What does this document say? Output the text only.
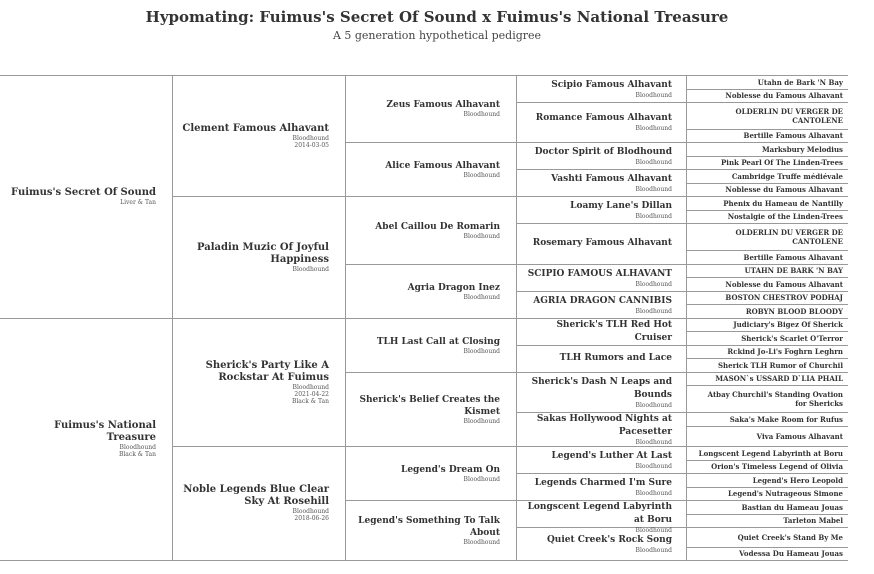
Hypomating: Fuimus's Secret Of Sound x Fuimus's National Treasure
A 5 generation hypothetical pedigree
Fuimus's Secret Of Sound
Liver & Tan
Fuimus's National Treasure
Bloodhound
Black & Tan
Clement Famous Alhavant
Bloodhound
2014-03-05
Paladin Muzic Of Joyful Happiness
Bloodhound
Sherick's Party Like A Rockstar At Fuimus
Bloodhound
2021-04-22
Black & Tan
Noble Legends Blue Clear Sky At Rosehill
Bloodhound
2018-06-26
Zeus Famous Alhavant
Bloodhound
Alice Famous Alhavant
Bloodhound
Abel Caillou De Romarin
Bloodhound
Agria Dragon Inez
Bloodhound
TLH Last Call at Closing
Bloodhound
Sherick's Belief Creates the Kismet
Bloodhound
Legend's Dream On
Bloodhound
Legend's Something To Talk About
Bloodhound
Scipio Famous Alhavant
Bloodhound
Romance Famous Alhavant
Bloodhound
Doctor Spirit of Blodhound
Bloodhound
Vashti Famous Alhavant
Bloodhound
Loamy Lane's Dillan
Bloodhound
Rosemary Famous Alhavant
SCIPIO FAMOUS ALHAVANT
Bloodhound
AGRIA DRAGON CANNIBIS
Bloodhound
Sherick's TLH Red Hot Cruiser
TLH Rumors and Lace
Sherick's Dash N Leaps and Bounds
Bloodhound
Sakas Hollywood Nights at Pacesetter
Bloodhound
Legend's Luther At Last
Bloodhound
Legends Charmed I'm Sure
Bloodhound
Longscent Legend Labyrinth at Boru
Bloodhound
Quiet Creek's Rock Song
Bloodhound
Utahn de Bark 'N Bay
Noblesse du Famous Alhavant
OLDERLIN DU VERGER DE CANTOLENE
Bertille Famous Alhavant
Marksbury Melodius
Pink Pearl Of The Linden-Trees
Cambridge Truffe médiévale
Noblesse du Famous Alhavant
Phenix du Hameau de Nantilly
Nostalgie of the Linden-Trees
OLDERLIN DU VERGER DE CANTOLENE
Bertille Famous Alhavant
UTAHN DE BARK 'N BAY
Noblesse du Famous Alhavant
BOSTON CHESTROV PODHAJ
ROBYN BLOOD BLOODY
Judiciary's Bigez Of Sherick
Sherick's Scarlet O'Terror
Rckind Jo-Li's Foghrn Leghrn
Sherick TLH Rumor of Churchil
MASON`s USSARD D`LIA PHAIL
Atbay Churchil's Standing Ovation for Shericks
Saka's Make Room for Rufus
Viva Famous Alhavant
Longscent Legend Labyrinth at Boru
Orion's Timeless Legend of Olivia
Legend's Hero Leopold
Legend's Nutrageous Simone
Bastian du Hameau Jouas
Tarleton Mabel
Quiet Creek's Stand By Me
Vodessa Du Hameau Jouas
